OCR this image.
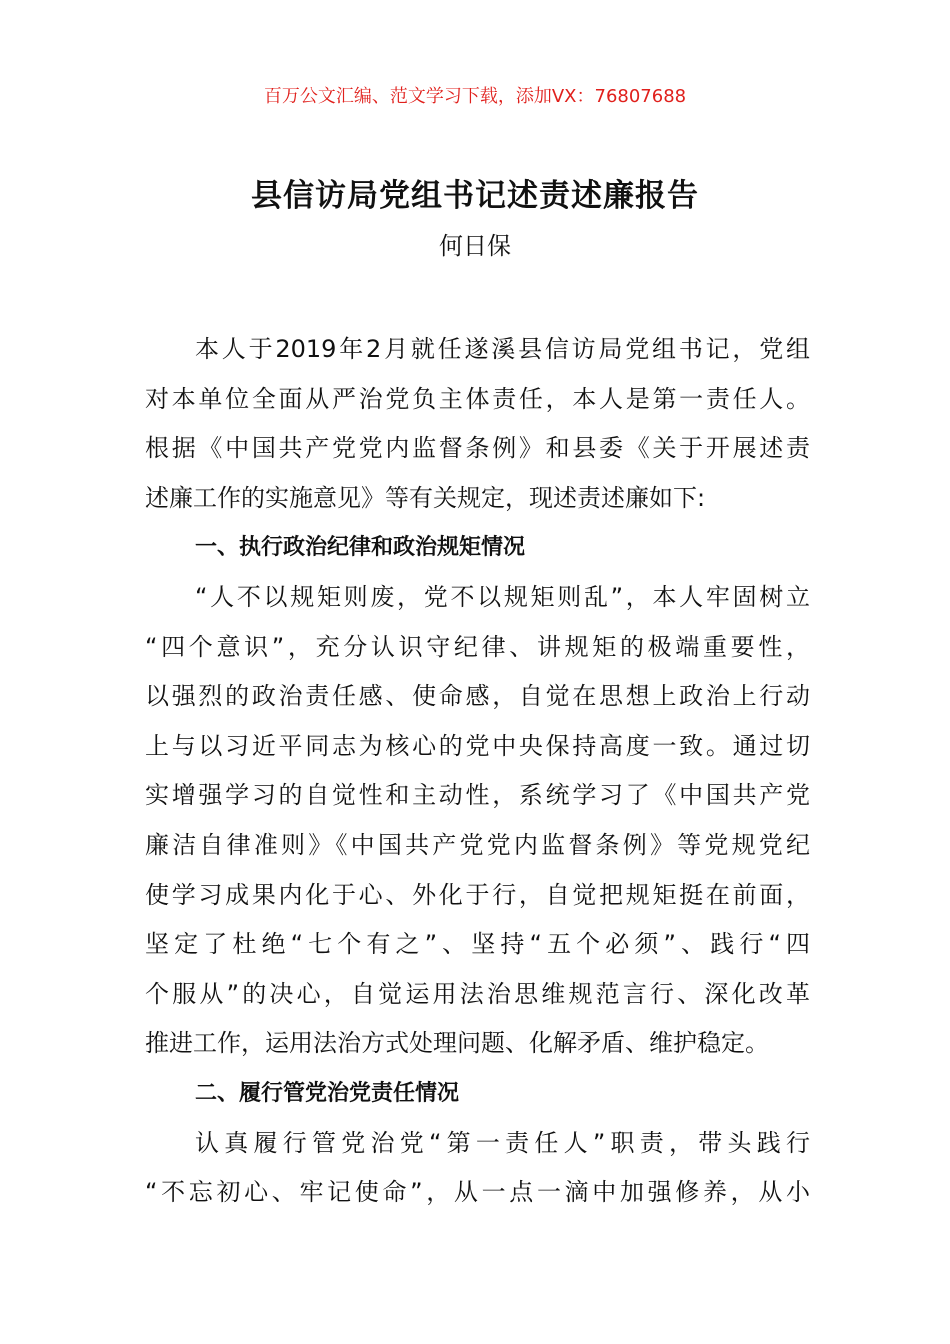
百万公文汇编、范文学习下载，添加VX：76807688
县信访局党组书记述责述廉报告
何日保
本人于2019年2月就任遂溪县信访局党组书记，党组
对本单位全面从严治党负主体责任，本人是第一责任人。
根据《中国共产党党内监督条例》和县委《关于开展述责
述廉工作的实施意见》等有关规定，现述责述廉如下:
一、执行政治纪律和政治规矩情况
“人不以规矩则废，党不以规矩则乱”，本人牢固树立
“四个意识”，充分认识守纪律、讲规矩的极端重要性，
以强烈的政治责任感、使命感，自觉在思想上政治上行动
上与以习近平同志为核心的党中央保持高度一致。通过切
实增强学习的自觉性和主动性，系统学习了《中国共产党
廉洁自律准则》《中国共产党党内监督条例》等党规党纪
使学习成果内化于心、外化于行，自觉把规矩挺在前面，
坚定了杜绝“七个有之”、坚持“五个必须”、践行“四
个服从”的决心，自觉运用法治思维规范言行、深化改革
推进工作，运用法治方式处理问题、化解矛盾、维护稳定。
二、履行管党治党责任情况
认真履行管党治党“第一责任人”职责，带头践行
“不忘初心、牢记使命”，从一点一滴中加强修养，从小
